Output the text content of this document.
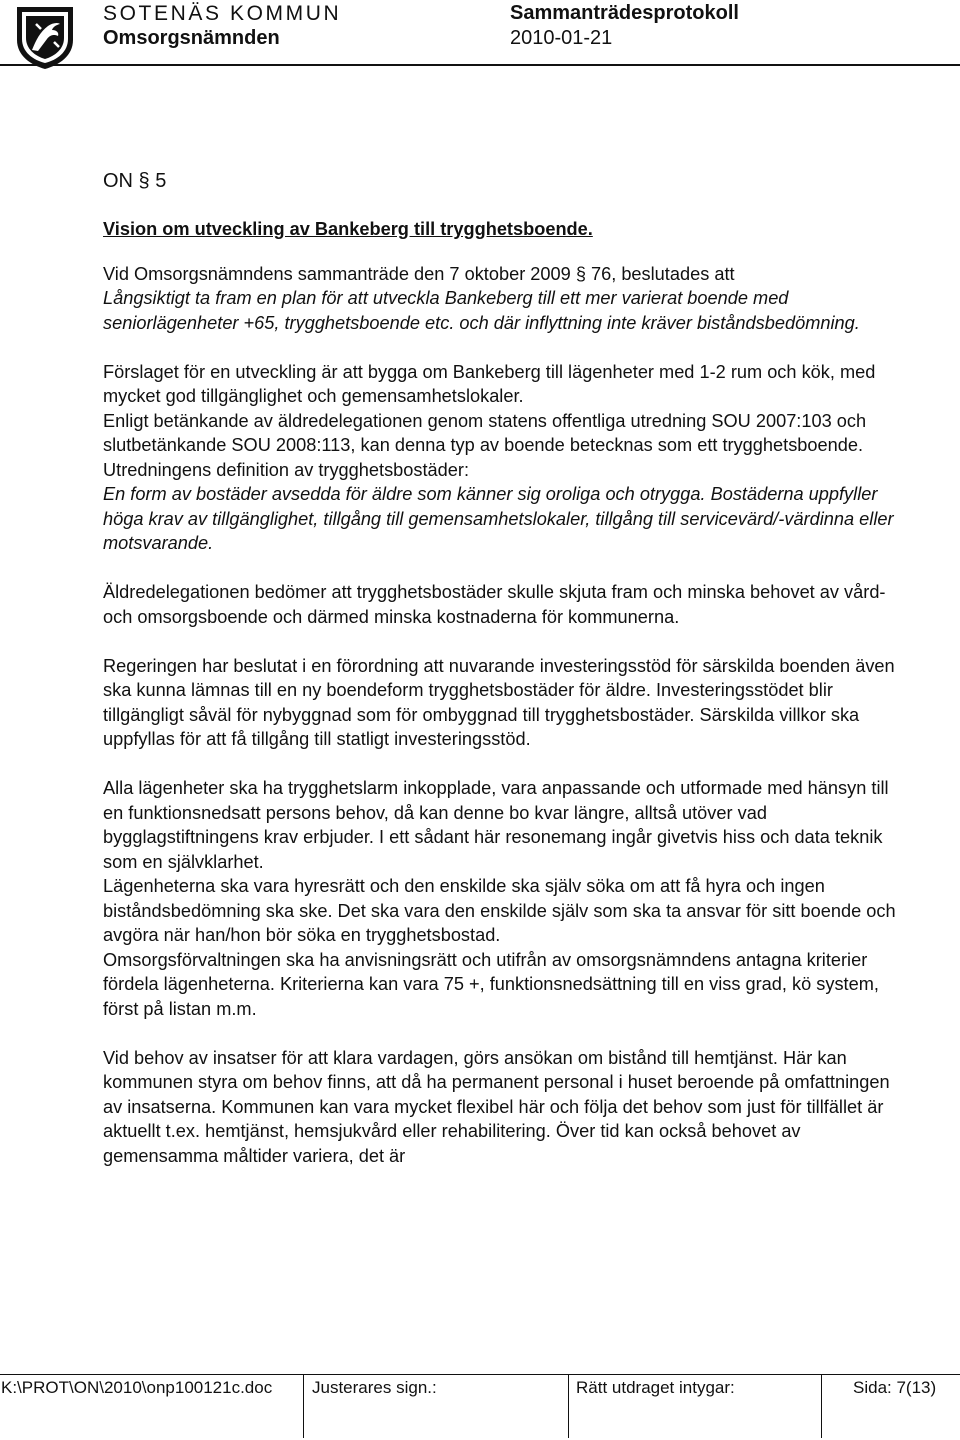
SOTENÄS KOMMUN
Omsorgsnämnden
Sammanträdesprotokoll
2010-01-21

ON § 5

Vision om utveckling av Bankeberg till trygghetsboende.

Vid Omsorgsnämndens sammanträde den 7 oktober 2009 § 76, beslutades att
Långsiktigt ta fram en plan för att utveckla Bankeberg till ett mer varierat boende med seniorlägenheter +65, trygghetsboende etc. och där inflyttning inte kräver biståndsbedömning.

Förslaget för en utveckling är att bygga om Bankeberg till lägenheter med 1-2 rum och kök, med mycket god tillgänglighet och gemensamhetslokaler.

Enligt betänkande av äldredelegationen genom statens offentliga utredning SOU 2007:103 och slutbetänkande SOU 2008:113, kan denna typ av boende betecknas som ett trygghetsboende.

Utredningens definition av trygghetsbostäder:
En form av bostäder avsedda för äldre som känner sig oroliga och otrygga. Bostäderna uppfyller höga krav av tillgänglighet, tillgång till gemensamhetslokaler, tillgång till servicevärd/-värdinna eller motsvarande.

Äldredelegationen bedömer att trygghetsbostäder skulle skjuta fram och minska behovet av vård- och omsorgsboende och därmed minska kostnaderna för kommunerna.

Regeringen har beslutat i en förordning att nuvarande investeringsstöd för särskilda boenden även ska kunna lämnas till en ny boendeform trygghetsbostäder för äldre. Investeringsstödet blir tillgängligt såväl för nybyggnad som för ombyggnad till trygghetsbostäder. Särskilda villkor ska uppfyllas för att få tillgång till statligt investeringsstöd.

Alla lägenheter ska ha trygghetslarm inkopplade, vara anpassande och utformade med hänsyn till en funktionsnedsatt persons behov, då kan denne bo kvar längre, alltså utöver vad bygglagstiftningens krav erbjuder. I ett sådant här resonemang ingår givetvis hiss och data teknik som en självklarhet.

Lägenheterna ska vara hyresrätt och den enskilde ska själv söka om att få hyra och ingen biståndsbedömning ska ske. Det ska vara den enskilde själv som ska ta ansvar för sitt boende och avgöra när han/hon bör söka en trygghetsbostad.

Omsorgsförvaltningen ska ha anvisningsrätt och utifrån av omsorgsnämndens antagna kriterier fördela lägenheterna. Kriterierna kan vara 75 +, funktionsnedsättning till en viss grad, kö system, först på listan m.m.

Vid behov av insatser för att klara vardagen, görs ansökan om bistånd till hemtjänst. Här kan kommunen styra om behov finns, att då ha permanent personal i huset beroende på omfattningen av insatserna. Kommunen kan vara mycket flexibel här och följa det behov som just för tillfället är aktuellt t.ex. hemtjänst, hemsjukvård eller rehabilitering. Över tid kan också behovet av gemensamma måltider variera, det är

K:\PROT\ON\2010\onp100121c.doc Justerares sign.:	Rätt utdraget intygar:	Sida: 7(13)
